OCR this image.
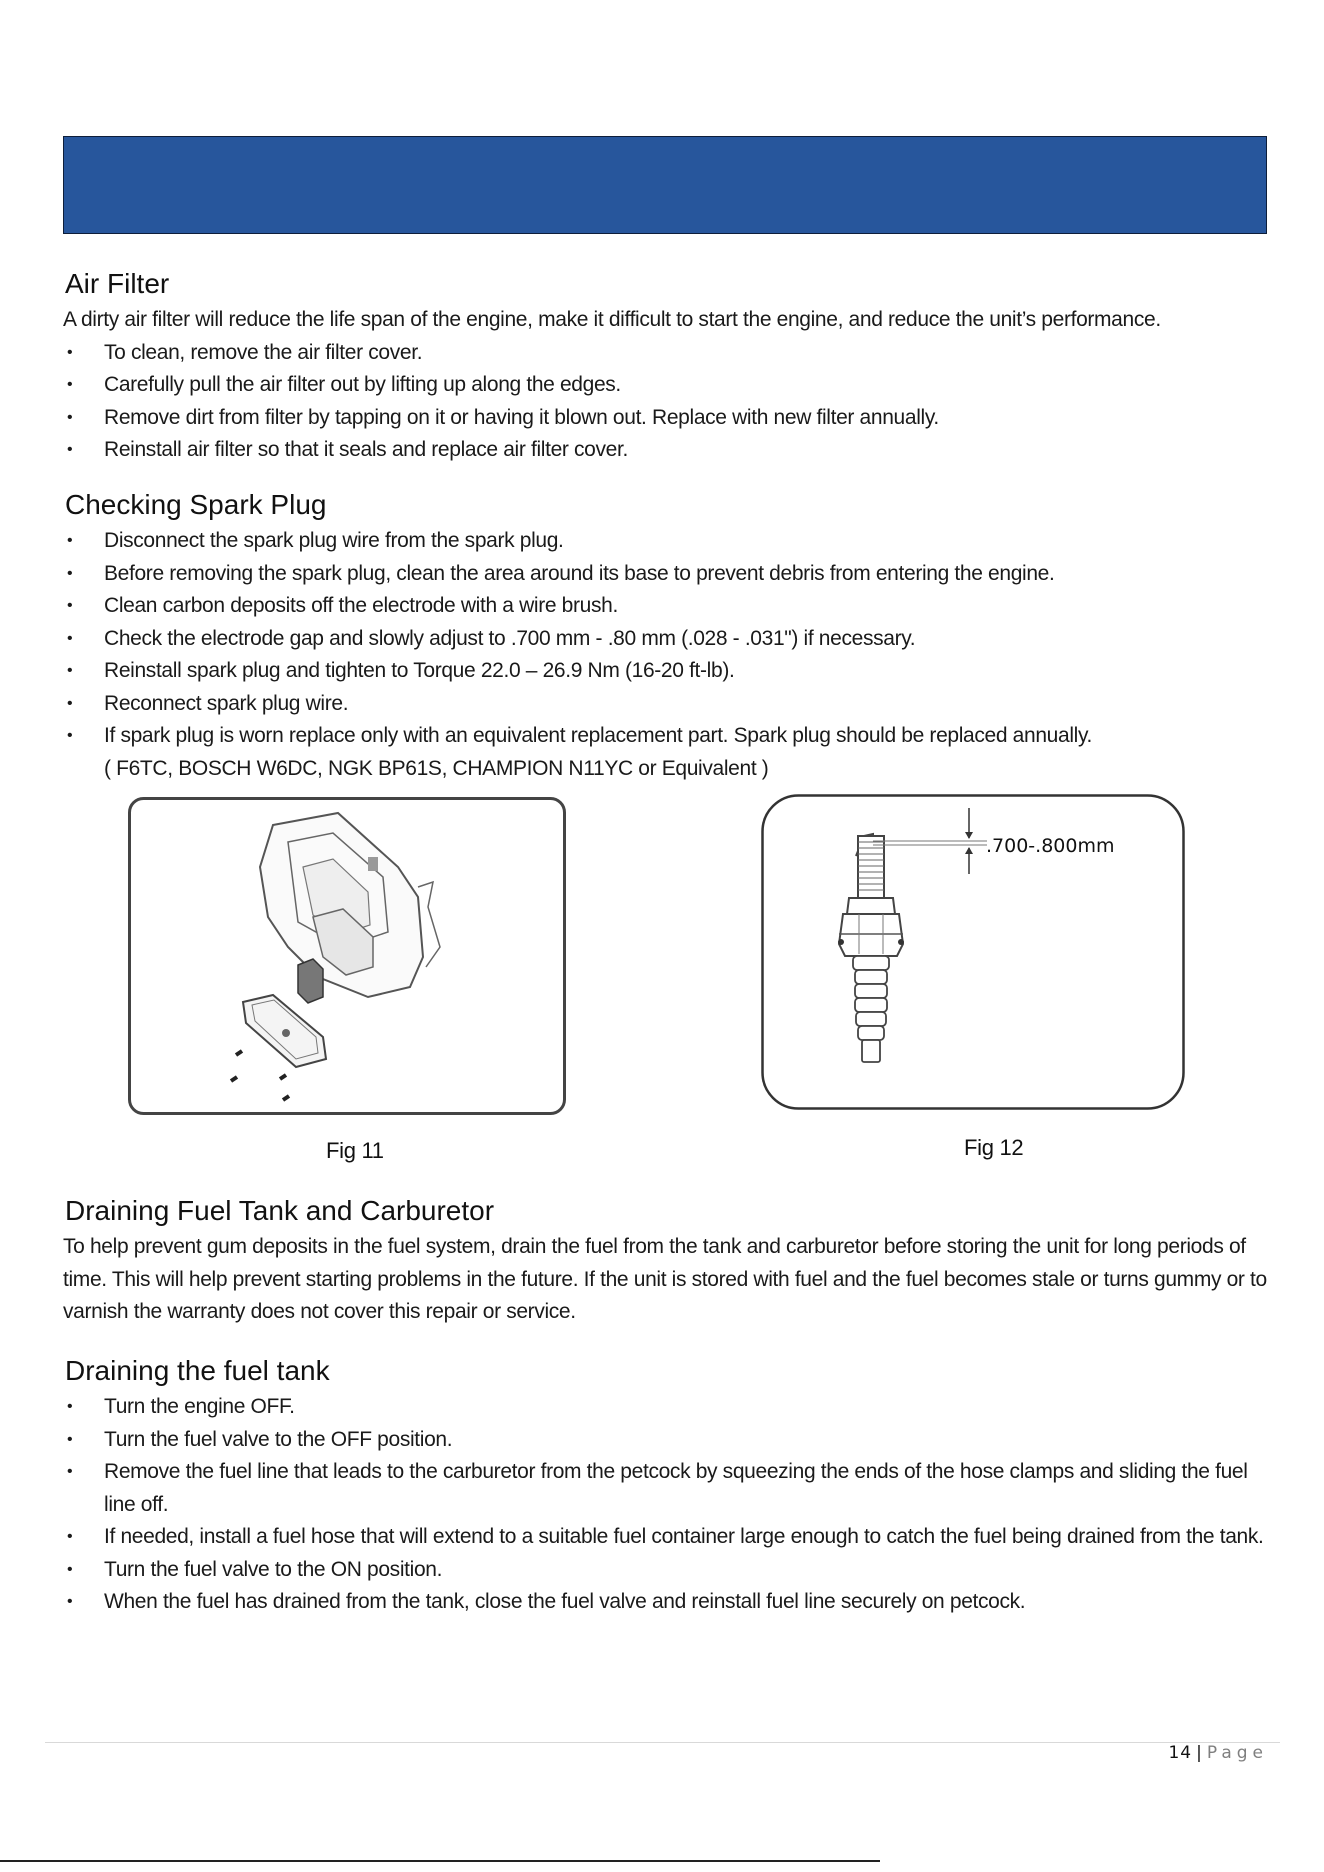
Air Filter

A dirty air filter will reduce the life span of the engine, make it difficult to start the engine, and reduce the unit’s performance.

• To clean, remove the air filter cover.
• Carefully pull the air filter out by lifting up along the edges.
• Remove dirt from filter by tapping on it or having it blown out. Replace with new filter annually.
• Reinstall air filter so that it seals and replace air filter cover.
Checking Spark Plug
• Disconnect the spark plug wire from the spark plug.
• Before removing the spark plug, clean the area around its base to prevent debris from entering the engine.
• Clean carbon deposits off the electrode with a wire brush.
• Check the electrode gap and slowly adjust to .700 mm - .80 mm (.028 - .031") if necessary.
• Reinstall spark plug and tighten to Torque 22.0 – 26.9 Nm (16-20 ft-lb).
• Reconnect spark plug wire.
• If spark plug is worn replace only with an equivalent replacement part. Spark plug should be replaced annually.
( F6TC, BOSCH W6DC, NGK BP61S, CHAMPION N11YC or Equivalent )
.700-.800mm
Fig 11	Fig 12
Draining Fuel Tank and Carburetor

To help prevent gum deposits in the fuel system, drain the fuel from the tank and carburetor before storing the unit for long periods of time. This will help prevent starting problems in the future. If the unit is stored with fuel and the fuel becomes stale or turns gummy or to varnish the warranty does not cover this repair or service.

Draining the fuel tank
• Turn the engine OFF.
• Turn the fuel valve to the OFF position.
• Remove the fuel line that leads to the carburetor from the petcock by squeezing the ends of the hose clamps and sliding the fuel line off.
• If needed, install a fuel hose that will extend to a suitable fuel container large enough to catch the fuel being drained from the tank.
• Turn the fuel valve to the ON position.
• When the fuel has drained from the tank, close the fuel valve and reinstall fuel line securely on petcock.
14 | Page
